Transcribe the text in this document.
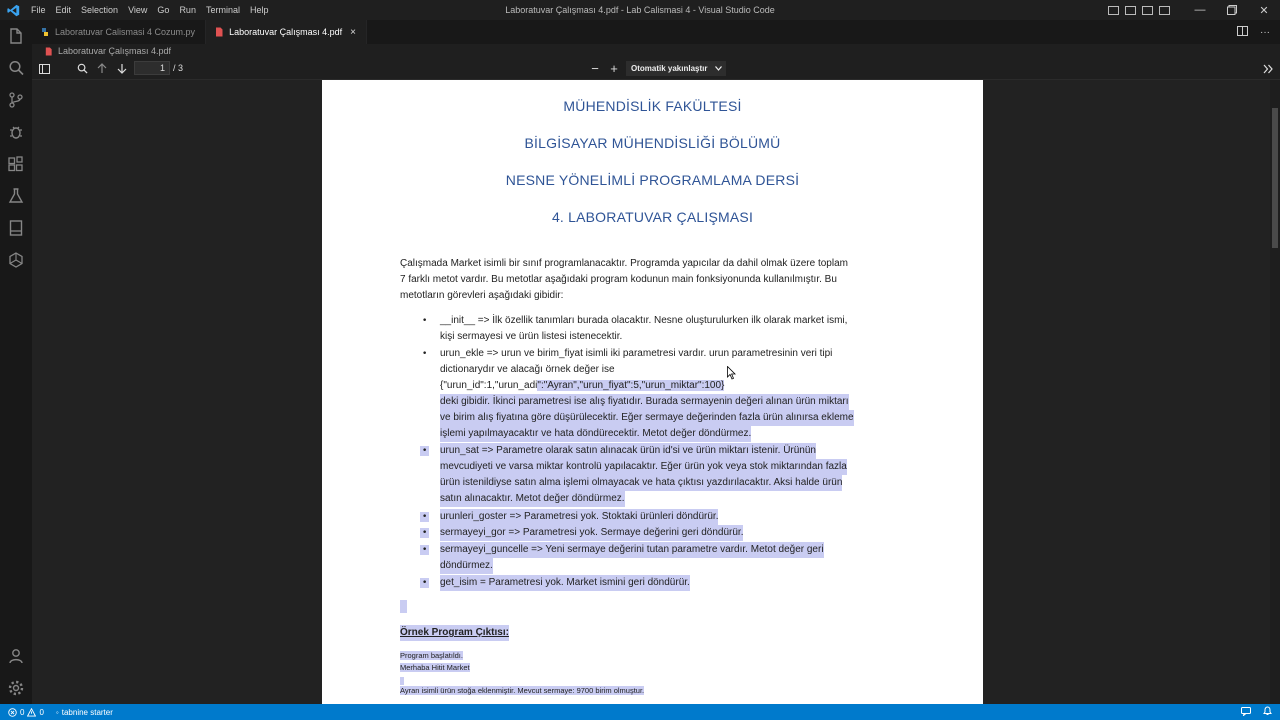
File	Edit	Selection	View	Go	Run	Terminal	Help	Laboratuvar Çalışması 4.pdf - Lab Calismasi 4 - Visual Studio Code	—	✕
Laboratuvar Calismasi 4 Cozum.py	Laboratuvar Çalışması 4.pdf ×	···
Laboratuvar Çalışması 4.pdf
1
/ 3	− +	Otomatik yakınlaştır
MÜHENDİSLİK FAKÜLTESİ
BİLGİSAYAR MÜHENDİSLİĞİ BÖLÜMÜ
NESNE YÖNELİMLİ PROGRAMLAMA DERSİ
4. LABORATUVAR ÇALIŞMASI
Çalışmada Market isimli bir sınıf programlanacaktır. Programda yapıcılar da dahil olmak üzere toplam
7 farklı metot vardır. Bu metotlar aşağıdaki program kodunun main fonksiyonunda kullanılmıştır. Bu
metotların görevleri aşağıdaki gibidir:
• __init__ => İlk özellik tanımları burada olacaktır. Nesne oluşturulurken ilk olarak market ismi,
kişi sermayesi ve ürün listesi istenecektir.
• urun_ekle => urun ve birim_fiyat isimli iki parametresi vardır. urun parametresinin veri tipi
dictionarydır ve alacağı örnek değer ise
{"urun_id":1,"urun_adi":"Ayran","urun_fiyat":5,"urun_miktar":100}
deki gibidir. İkinci parametresi ise alış fiyatıdır. Burada sermayenin değeri alınan ürün miktarı
ve birim alış fiyatına göre düşürülecektir. Eğer sermaye değerinden fazla ürün alınırsa ekleme
işlemi yapılmayacaktır ve hata döndürecektir. Metot değer döndürmez.
• urun_sat => Parametre olarak satın alınacak ürün id'si ve ürün miktarı istenir. Ürünün
mevcudiyeti ve varsa miktar kontrolü yapılacaktır. Eğer ürün yok veya stok miktarından fazla
ürün istenildiyse satın alma işlemi olmayacak ve hata çıktısı yazdırılacaktır. Aksi halde ürün
satın alınacaktır. Metot değer döndürmez.
• urunleri_goster => Parametresi yok. Stoktaki ürünleri döndürür.
• sermayeyi_gor => Parametresi yok. Sermaye değerini geri döndürür.
• sermayeyi_guncelle => Yeni sermaye değerini tutan parametre vardır. Metot değer geri
döndürmez.
• get_isim = Parametresi yok. Market ismini geri döndürür.
Örnek Program Çıktısı:
Program başlatıldı.
Merhaba Hitit Market
Ayran isimli ürün stoğa eklenmiştir. Mevcut sermaye: 9700 birim olmuştur.
0 0 ◦ tabnine starter
